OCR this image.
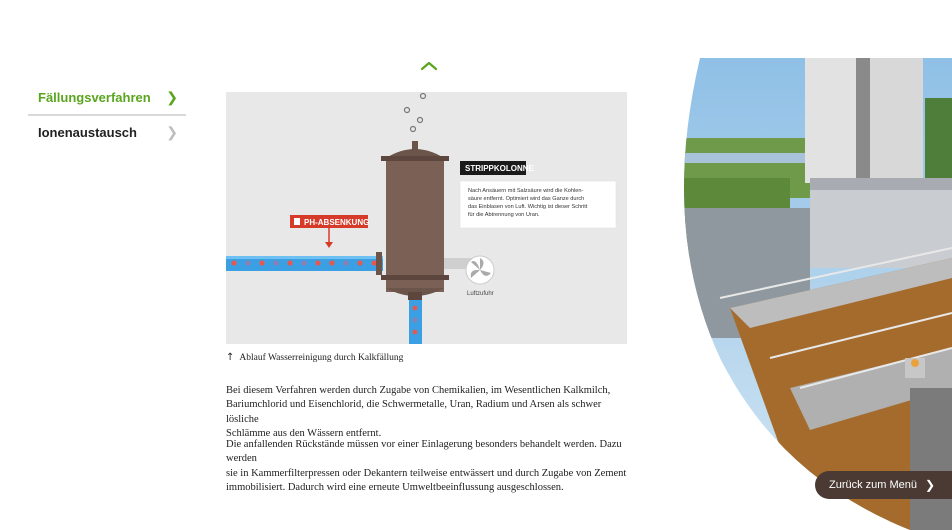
Fällungsverfahren ❯
Ionenaustausch ❯
PH-ABSENKUNG
STRIPPKOLONNE
Nach Ansäuern mit Salzsäure wird die Kohlen- säure entfernt. Optimiert wird das Ganze durch das Einblasen von Luft. Wichtig ist dieser Schritt für die Abtrennung von Uran.
Luftzufuhr
↑ Ablauf Wasserreinigung durch Kalkfällung

Bei diesem Verfahren werden durch Zugabe von Chemikalien, im Wesentlichen Kalkmilch,
Bariumchlorid und Eisenchlorid, die Schwermetalle, Uran, Radium und Arsen als schwer lösliche
Schlämme aus den Wässern entfernt.

Die anfallenden Rückstände müssen vor einer Einlagerung besonders behandelt werden. Dazu werden
sie in Kammerfilterpressen oder Dekantern teilweise entwässert und durch Zugabe von Zement
immobilisiert. Dadurch wird eine erneute Umweltbeeinflussung ausgeschlossen.	Zurück zum Menü ❯
